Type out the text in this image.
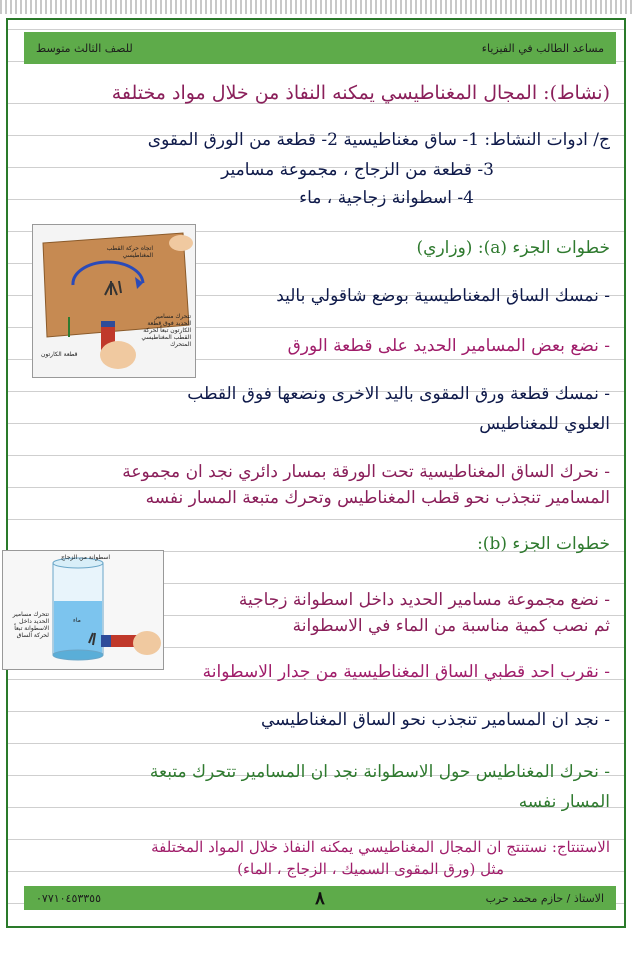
للصف الثالث متوسط	مساعد الطالب في الفيزياء
(نشاط): المجال المغناطيسي يمكنه النفاذ من خلال مواد مختلفة
ج/ ادوات النشاط: 1- ساق مغناطيسية 2- قطعة من الورق المقوى
3- قطعة من الزجاج ، مجموعة مسامير
4- اسطوانة زجاجية ، ماء
اتجاه حركة القطب المغناطيسي
تتحرك مسامير الحديد فوق قطعة الكارتون تبعاً لحركة القطب المغناطيسي المتحرك
قطعة الكارتون
خطوات الجزء (a): (وزاري)
- نمسك الساق المغناطيسية بوضع شاقولي باليد
- نضع بعض المسامير الحديد على قطعة الورق
- نمسك قطعة ورق المقوى باليد الاخرى ونضعها فوق القطب
العلوي للمغناطيس
- نحرك الساق المغناطيسية تحت الورقة بمسار دائري نجد ان مجموعة
المسامير تنجذب نحو قطب المغناطيس وتحرك متبعة المسار نفسه
خطوات الجزء (b):
اسطوانة من الزجاج
ماء
تتحرك مسامير الحديد داخل الاسطوانة تبعاً لحركة الساق
- نضع مجموعة مسامير الحديد داخل اسطوانة زجاجية
ثم نصب كمية مناسبة من الماء في الاسطوانة
- نقرب احد قطبي الساق المغناطيسية من جدار الاسطوانة
- نجد ان المسامير تنجذب نحو الساق المغناطيسي
- نحرك المغناطيس حول الاسطوانة نجد ان المسامير تتحرك متبعة
المسار نفسه
الاستنتاج: نستنتج ان المجال المغناطيسي يمكنه النفاذ خلال المواد المختلفة
مثل (ورق المقوى السميك ، الزجاج ، الماء)
٠٧٧١٠٤٥٣٣٥٥	٨	الاستاذ / حازم محمد حرب
